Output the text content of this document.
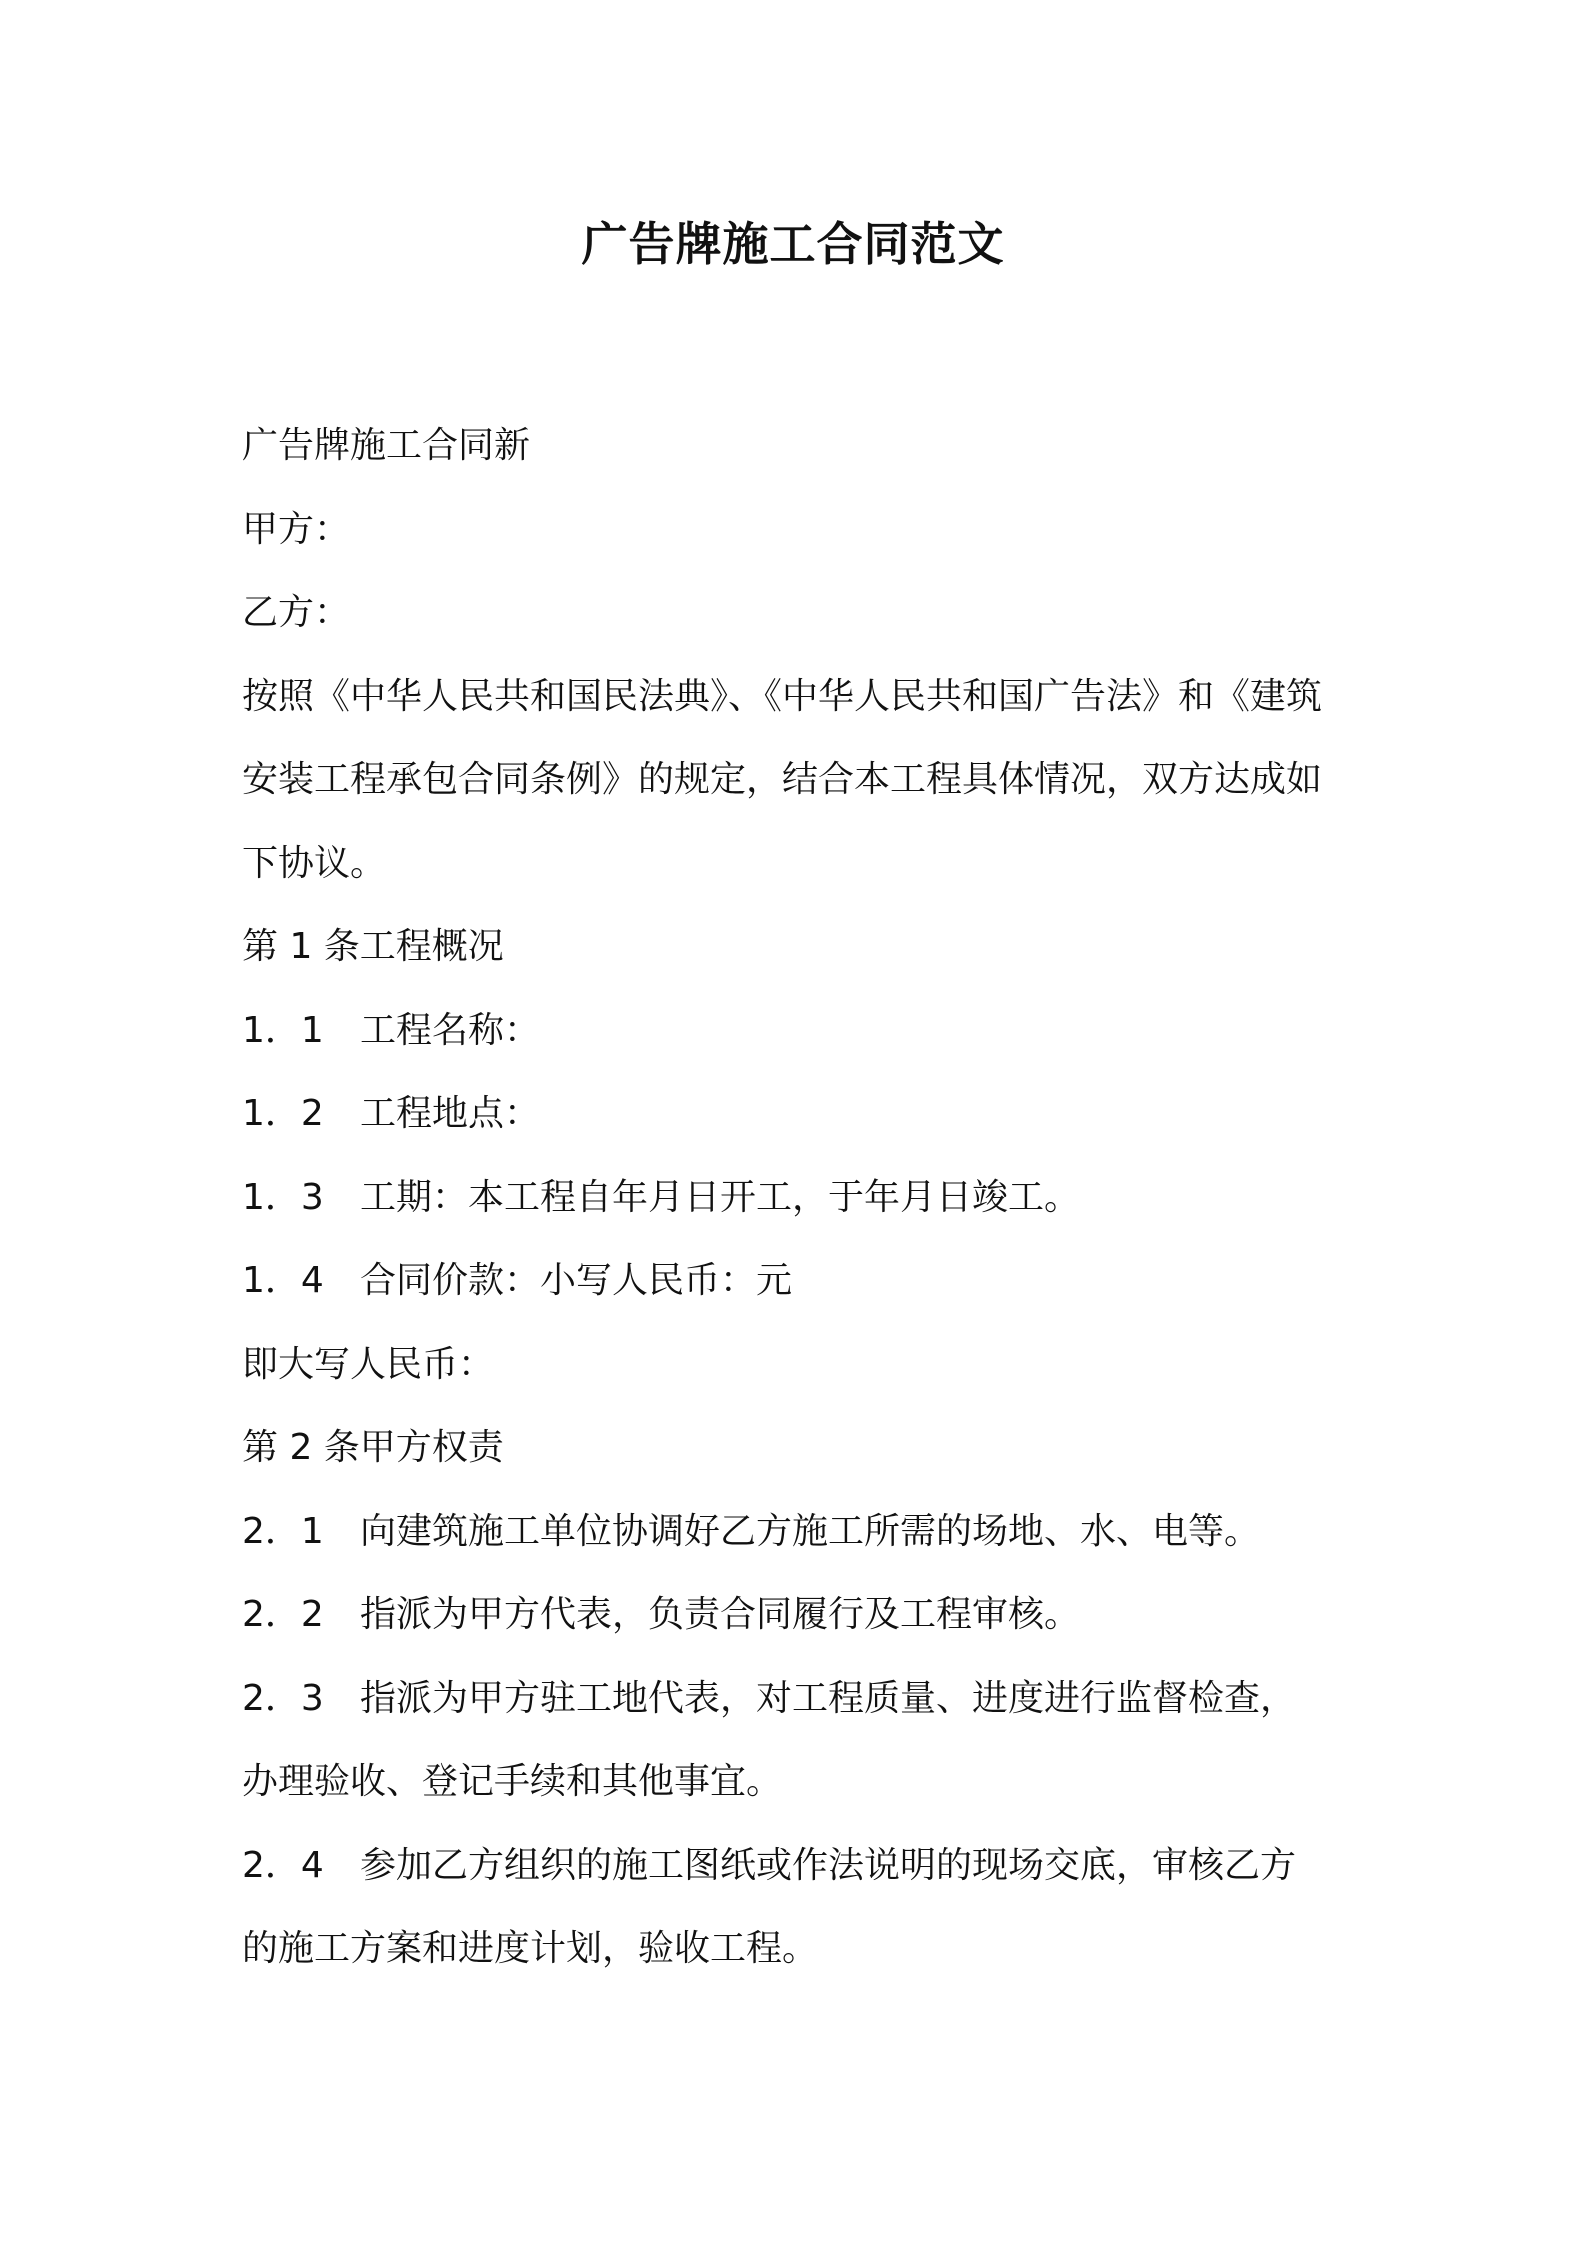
广告牌施工合同范文
广告牌施工合同新
甲方：
乙方：
按照《中华人民共和国民法典》、《中华人民共和国广告法》和《建筑
安装工程承包合同条例》的规定，结合本工程具体情况，双方达成如
下协议。
第 1 条工程概况
1．1 工程名称：
1．2 工程地点：
1．3 工期：本工程自年月日开工，于年月日竣工。
1．4 合同价款：小写人民币：元
即大写人民币：
第 2 条甲方权责
2．1 向建筑施工单位协调好乙方施工所需的场地、水、电等。
2．2 指派为甲方代表，负责合同履行及工程审核。
2．3 指派为甲方驻工地代表，对工程质量、进度进行监督检查，
办理验收、登记手续和其他事宜。
2．4 参加乙方组织的施工图纸或作法说明的现场交底，审核乙方
的施工方案和进度计划，验收工程。
